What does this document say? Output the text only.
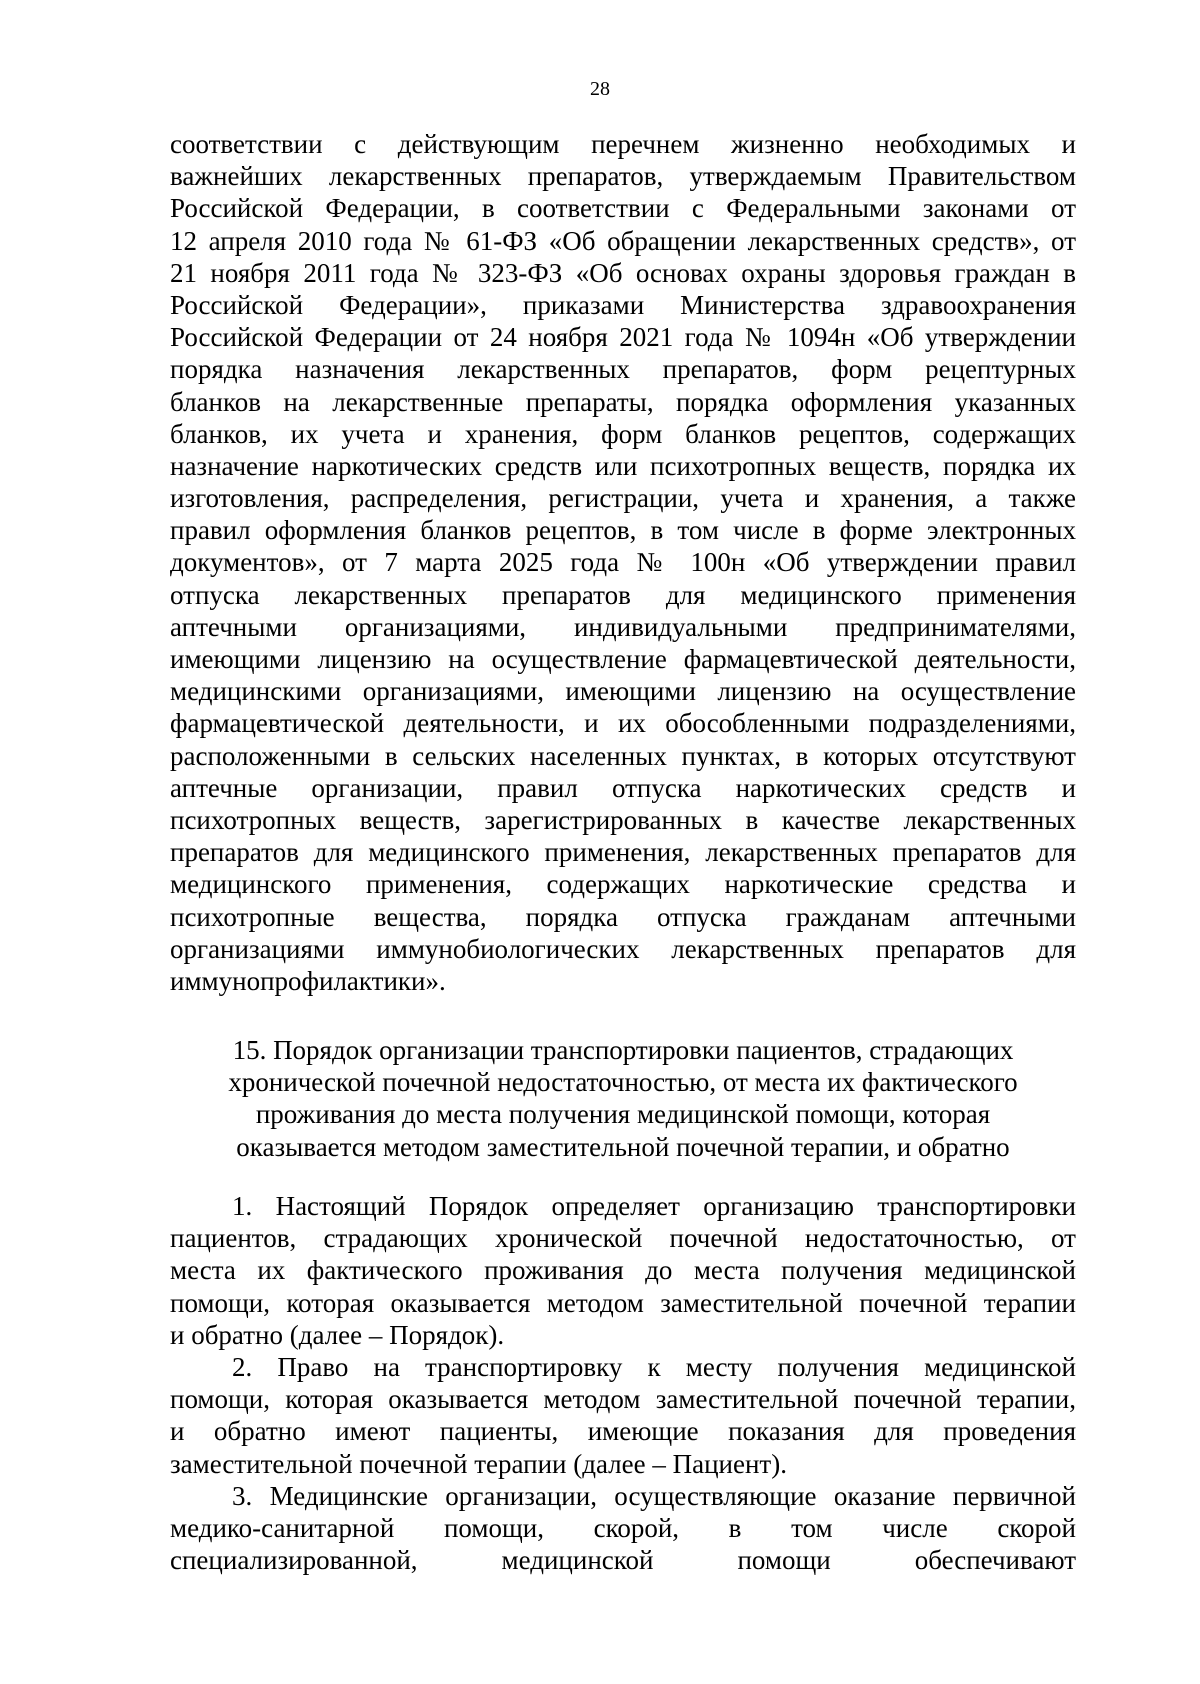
28
соответствии с действующим перечнем жизненно необходимых и
важнейших лекарственных препаратов, утверждаемым Правительством
Российской Федерации, в соответствии с Федеральными законами от
12 апреля 2010 года № 61-ФЗ «Об обращении лекарственных средств», от
21 ноября 2011 года № 323-ФЗ «Об основах охраны здоровья граждан в
Российской Федерации», приказами Министерства здравоохранения
Российской Федерации от 24 ноября 2021 года № 1094н «Об утверждении
порядка назначения лекарственных препаратов, форм рецептурных
бланков на лекарственные препараты, порядка оформления указанных
бланков, их учета и хранения, форм бланков рецептов, содержащих
назначение наркотических средств или психотропных веществ, порядка их
изготовления, распределения, регистрации, учета и хранения, а также
правил оформления бланков рецептов, в том числе в форме электронных
документов», от 7 марта 2025 года № 100н «Об утверждении правил
отпуска лекарственных препаратов для медицинского применения
аптечными организациями, индивидуальными предпринимателями,
имеющими лицензию на осуществление фармацевтической деятельности,
медицинскими организациями, имеющими лицензию на осуществление
фармацевтической деятельности, и их обособленными подразделениями,
расположенными в сельских населенных пунктах, в которых отсутствуют
аптечные организации, правил отпуска наркотических средств и
психотропных веществ, зарегистрированных в качестве лекарственных
препаратов для медицинского применения, лекарственных препаратов для
медицинского применения, содержащих наркотические средства и
психотропные вещества, порядка отпуска гражданам аптечными
организациями иммунобиологических лекарственных препаратов для
иммунопрофилактики».
15. Порядок организации транспортировки пациентов, страдающих
хронической почечной недостаточностью, от места их фактического
проживания до места получения медицинской помощи, которая
оказывается методом заместительной почечной терапии, и обратно
1. Настоящий Порядок определяет организацию транспортировки
пациентов, страдающих хронической почечной недостаточностью, от
места их фактического проживания до места получения медицинской
помощи, которая оказывается методом заместительной почечной терапии
и обратно (далее – Порядок).
2. Право на транспортировку к месту получения медицинской
помощи, которая оказывается методом заместительной почечной терапии,
и обратно имеют пациенты, имеющие показания для проведения
заместительной почечной терапии (далее – Пациент).
3. Медицинские организации, осуществляющие оказание первичной
медико-санитарной помощи, скорой, в том числе скорой
специализированной, медицинской помощи обеспечивают
